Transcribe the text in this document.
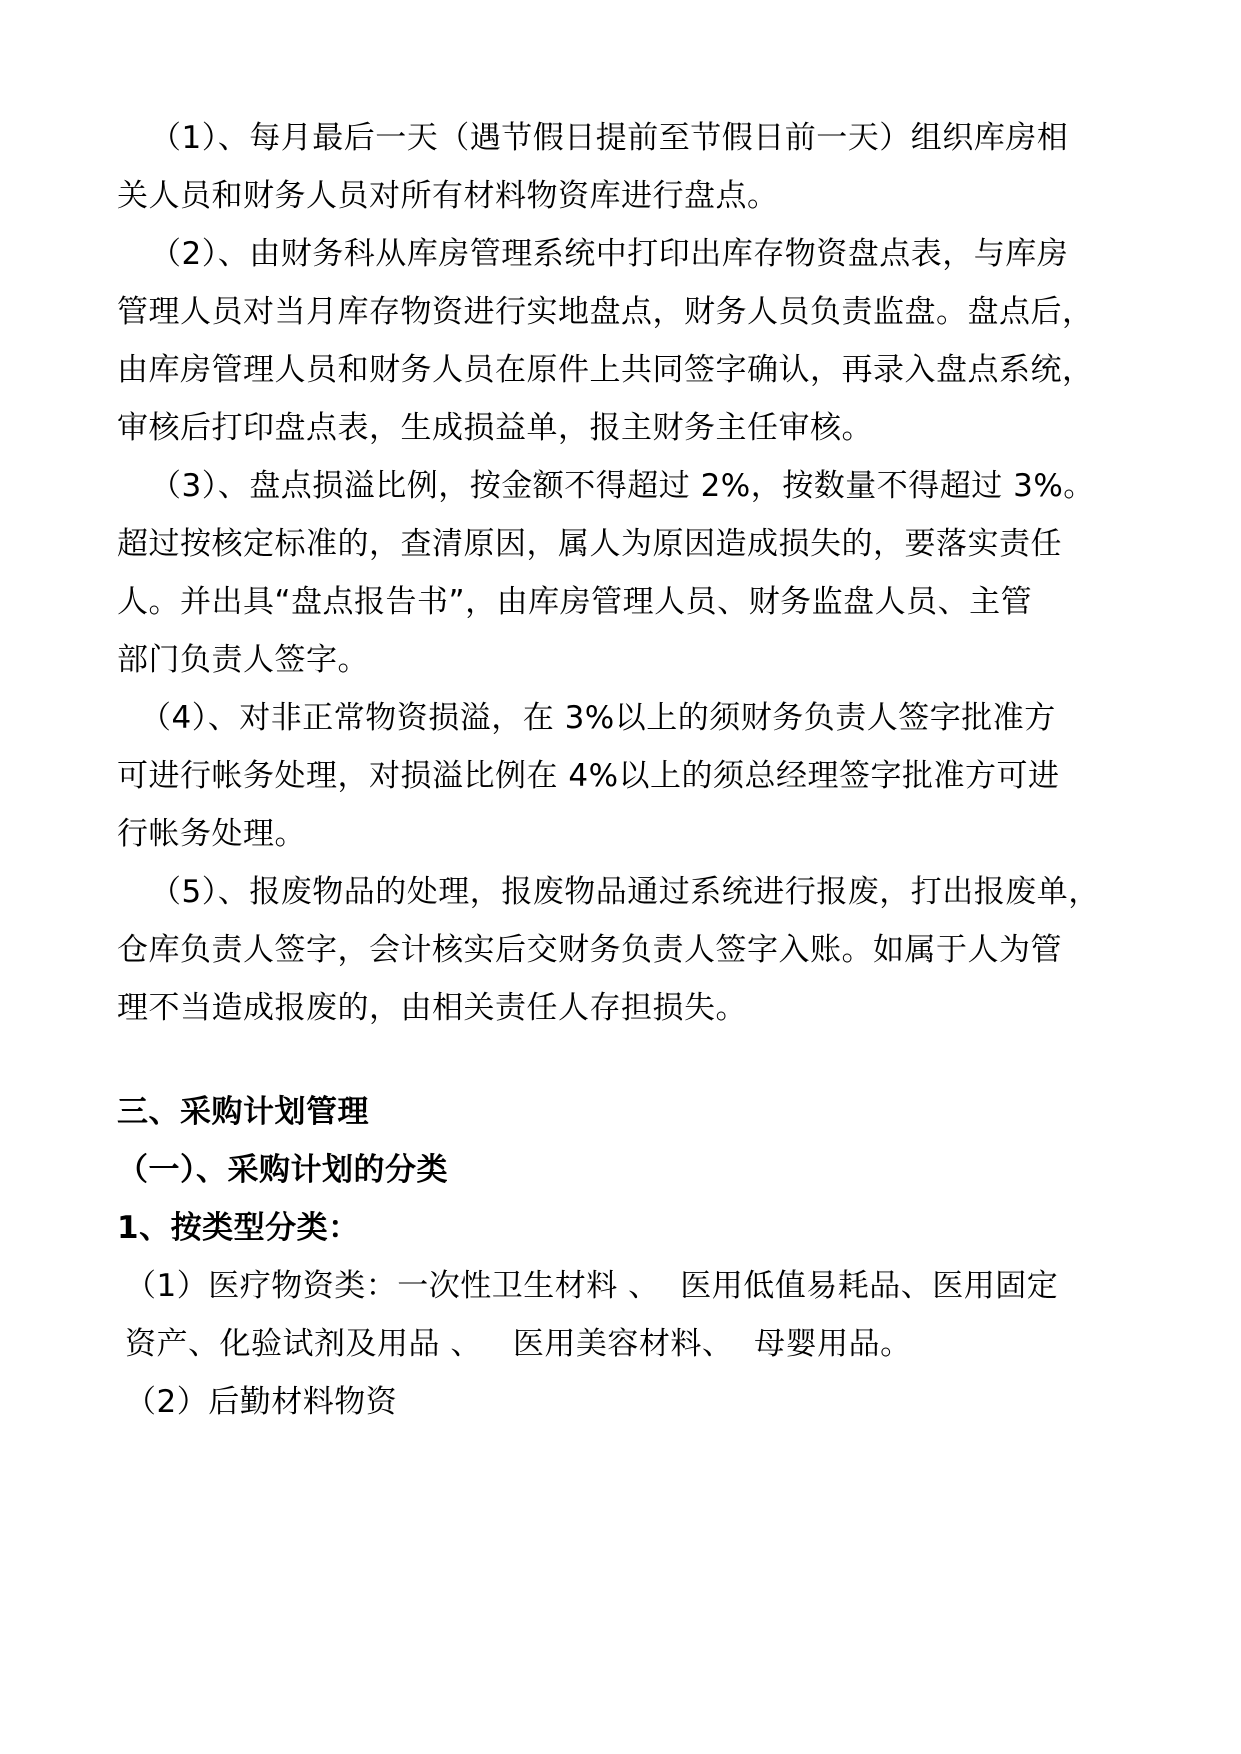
（1）、每月最后一天（遇节假日提前至节假日前一天）组织库房相
关人员和财务人员对所有材料物资库进行盘点。
（2）、由财务科从库房管理系统中打印出库存物资盘点表，与库房
管理人员对当月库存物资进行实地盘点，财务人员负责监盘。盘点后，
由库房管理人员和财务人员在原件上共同签字确认，再录入盘点系统，
审核后打印盘点表，生成损益单，报主财务主任审核。
（3）、盘点损溢比例，按金额不得超过 2%，按数量不得超过 3%。
超过按核定标准的，查清原因，属人为原因造成损失的，要落实责任
人。并出具“盘点报告书”，由库房管理人员、财务监盘人员、主管
部门负责人签字。
（4）、对非正常物资损溢，在 3%以上的须财务负责人签字批准方
可进行帐务处理，对损溢比例在 4%以上的须总经理签字批准方可进
行帐务处理。
（5）、报废物品的处理，报废物品通过系统进行报废，打出报废单，
仓库负责人签字，会计核实后交财务负责人签字入账。如属于人为管
理不当造成报废的，由相关责任人存担损失。
三、采购计划管理
（一）、采购计划的分类
1、按类型分类：
（1）医疗物资类：一次性卫生材料 、  医用低值易耗品、医用固定
资产、化验试剂及用品 、   医用美容材料、  母婴用品。
（2）后勤材料物资
